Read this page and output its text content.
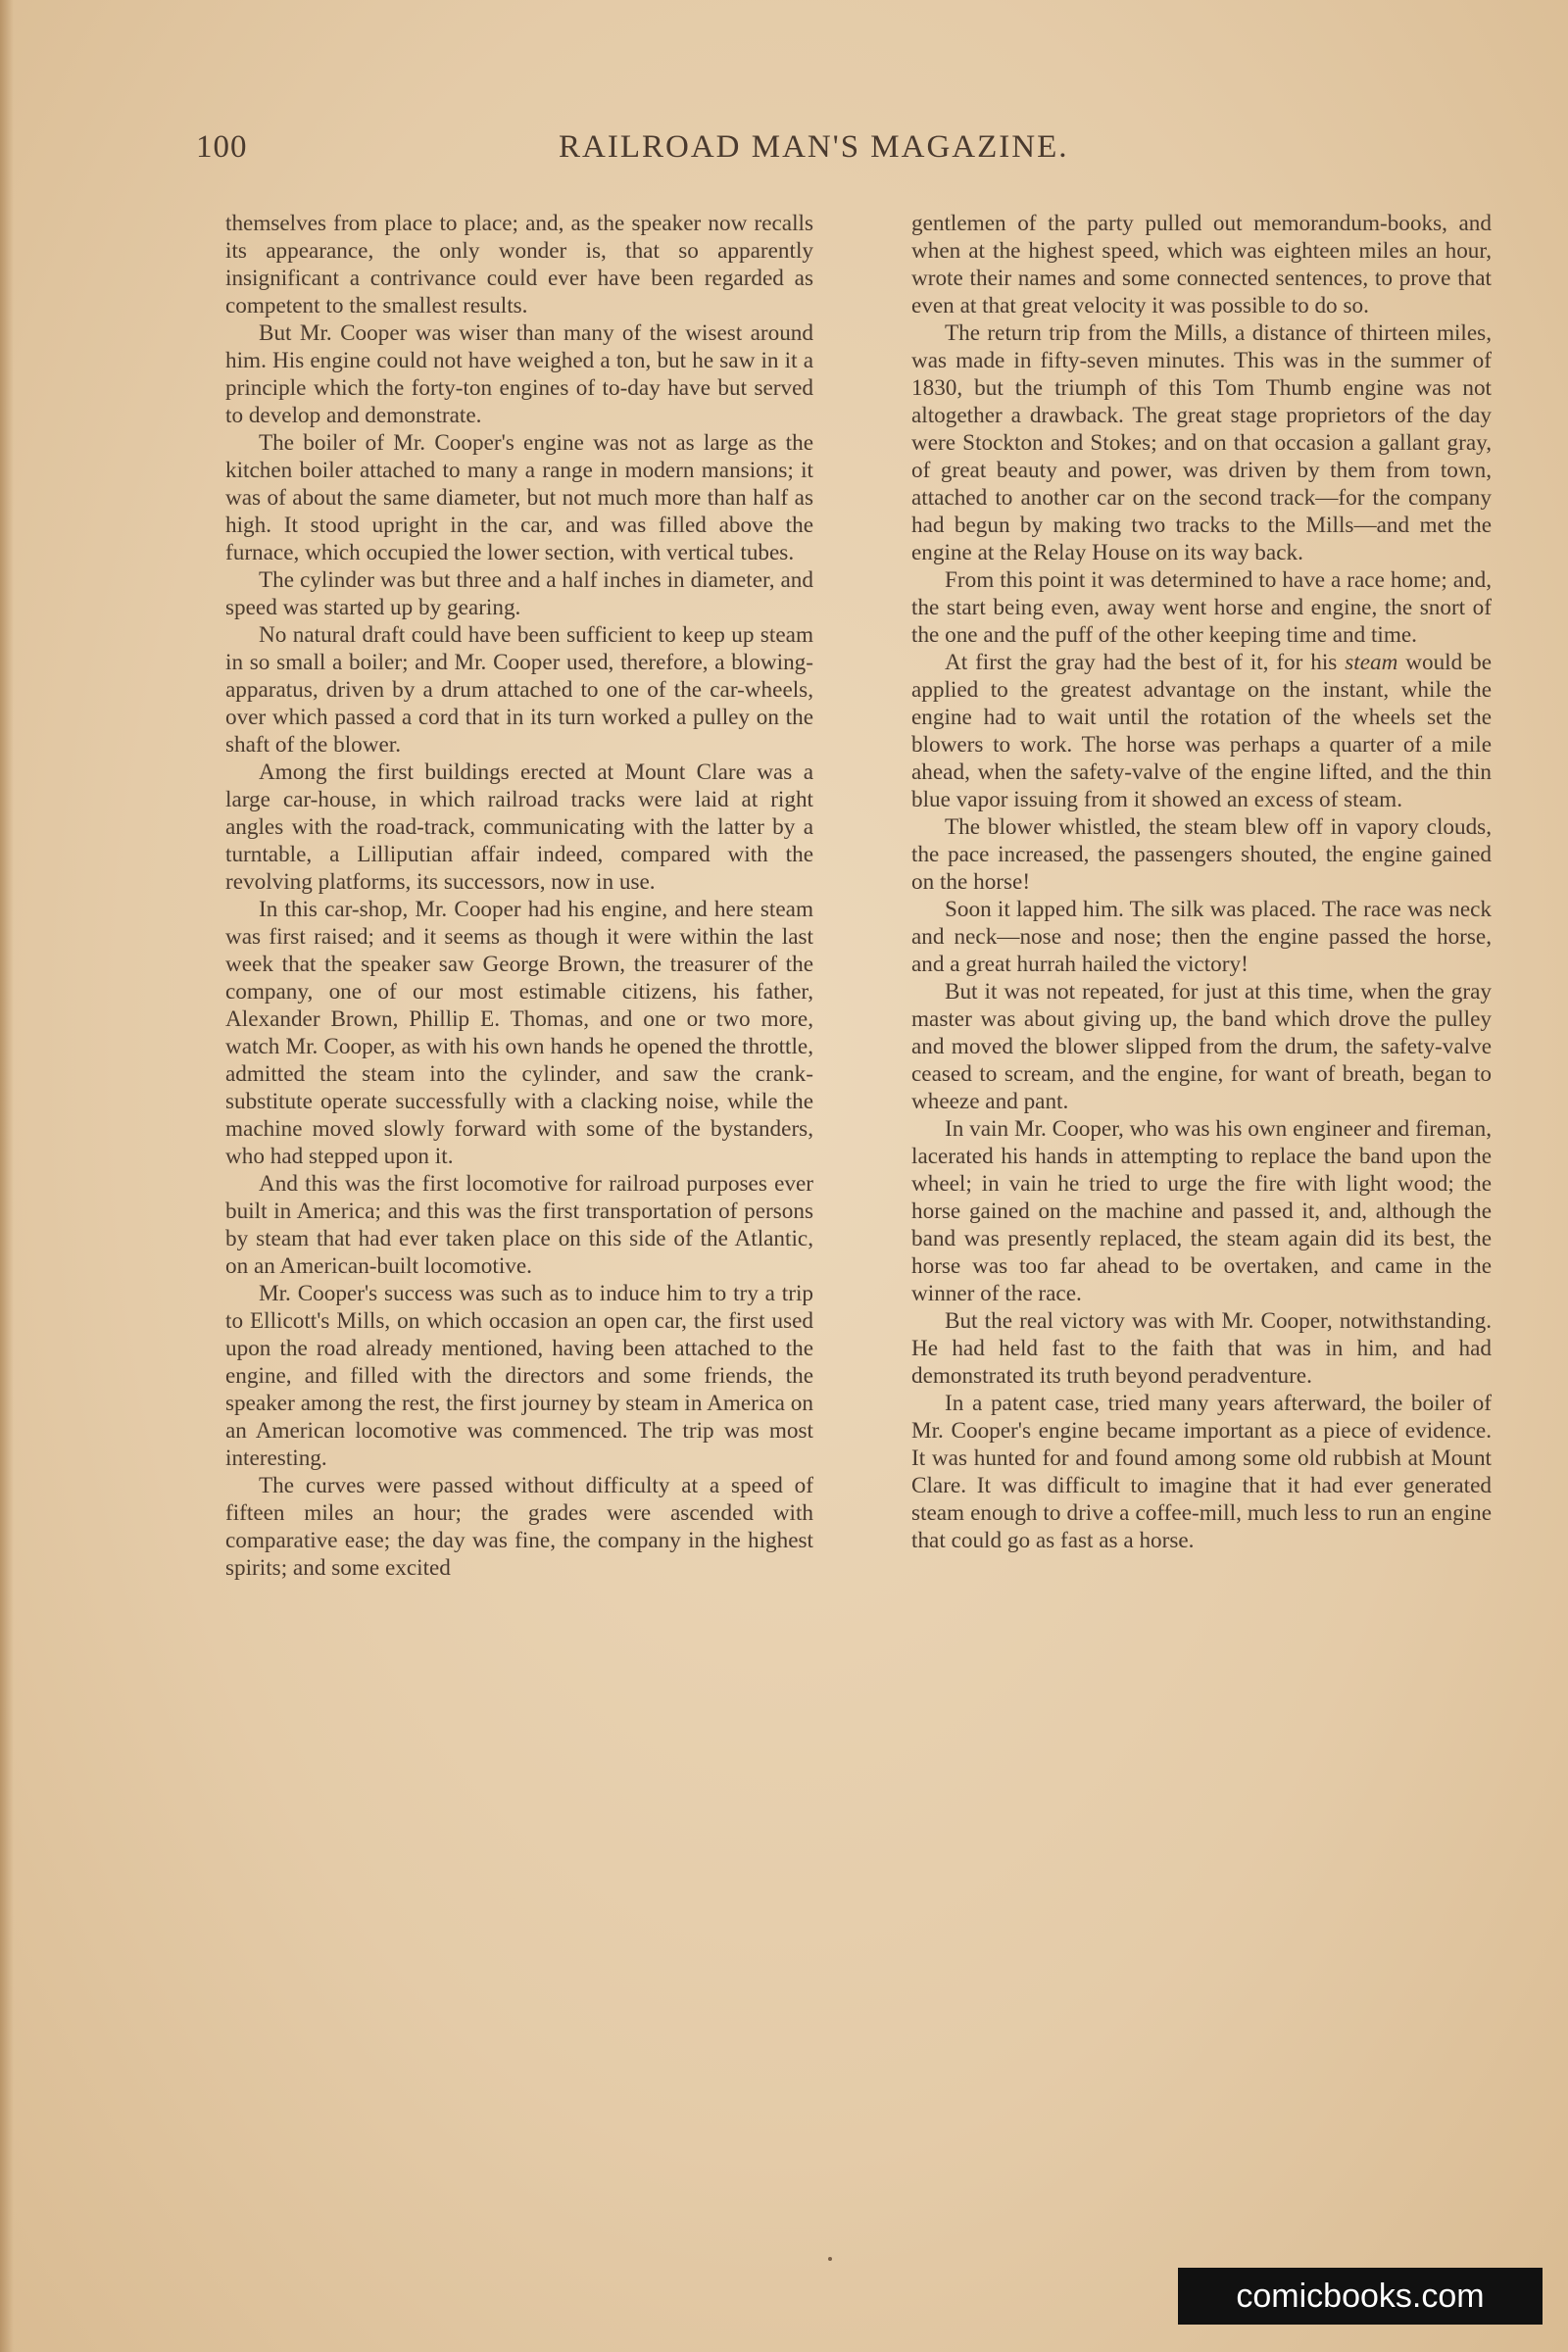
100	RAILROAD MAN'S MAGAZINE.

themselves from place to place; and, as the speaker now recalls its appearance, the only wonder is, that so apparently insignificant a contrivance could ever have been regarded as competent to the smallest results.

But Mr. Cooper was wiser than many of the wisest around him. His engine could not have weighed a ton, but he saw in it a principle which the forty-ton engines of to-day have but served to develop and demonstrate.

The boiler of Mr. Cooper's engine was not as large as the kitchen boiler attached to many a range in modern mansions; it was of about the same diameter, but not much more than half as high. It stood upright in the car, and was filled above the furnace, which occupied the lower section, with vertical tubes.

The cylinder was but three and a half inches in diameter, and speed was started up by gearing.

No natural draft could have been sufficient to keep up steam in so small a boiler; and Mr. Cooper used, therefore, a blowing-apparatus, driven by a drum attached to one of the car-wheels, over which passed a cord that in its turn worked a pulley on the shaft of the blower.

Among the first buildings erected at Mount Clare was a large car-house, in which railroad tracks were laid at right angles with the road-track, communicating with the latter by a turntable, a Lilliputian affair indeed, compared with the revolving platforms, its successors, now in use.

In this car-shop, Mr. Cooper had his engine, and here steam was first raised; and it seems as though it were within the last week that the speaker saw George Brown, the treasurer of the company, one of our most estimable citizens, his father, Alexander Brown, Phillip E. Thomas, and one or two more, watch Mr. Cooper, as with his own hands he opened the throttle, admitted the steam into the cylinder, and saw the crank-substitute operate successfully with a clacking noise, while the machine moved slowly forward with some of the bystanders, who had stepped upon it.

And this was the first locomotive for railroad purposes ever built in America; and this was the first transportation of persons by steam that had ever taken place on this side of the Atlantic, on an American-built locomotive.

Mr. Cooper's success was such as to induce him to try a trip to Ellicott's Mills, on which occasion an open car, the first used upon the road already mentioned, having been attached to the engine, and filled with the directors and some friends, the speaker among the rest, the first journey by steam in America on an American locomotive was commenced. The trip was most interesting.

The curves were passed without difficulty at a speed of fifteen miles an hour; the grades were ascended with comparative ease; the day was fine, the company in the highest spirits; and some excited

gentlemen of the party pulled out memorandum-books, and when at the highest speed, which was eighteen miles an hour, wrote their names and some connected sentences, to prove that even at that great velocity it was possible to do so.

The return trip from the Mills, a distance of thirteen miles, was made in fifty-seven minutes. This was in the summer of 1830, but the triumph of this Tom Thumb engine was not altogether a drawback. The great stage proprietors of the day were Stockton and Stokes; and on that occasion a gallant gray, of great beauty and power, was driven by them from town, attached to another car on the second track—for the company had begun by making two tracks to the Mills—and met the engine at the Relay House on its way back.

From this point it was determined to have a race home; and, the start being even, away went horse and engine, the snort of the one and the puff of the other keeping time and time.

At first the gray had the best of it, for his steam would be applied to the greatest advantage on the instant, while the engine had to wait until the rotation of the wheels set the blowers to work. The horse was perhaps a quarter of a mile ahead, when the safety-valve of the engine lifted, and the thin blue vapor issuing from it showed an excess of steam.

The blower whistled, the steam blew off in vapory clouds, the pace increased, the passengers shouted, the engine gained on the horse!

Soon it lapped him. The silk was placed. The race was neck and neck—nose and nose; then the engine passed the horse, and a great hurrah hailed the victory!

But it was not repeated, for just at this time, when the gray master was about giving up, the band which drove the pulley and moved the blower slipped from the drum, the safety-valve ceased to scream, and the engine, for want of breath, began to wheeze and pant.

In vain Mr. Cooper, who was his own engineer and fireman, lacerated his hands in attempting to replace the band upon the wheel; in vain he tried to urge the fire with light wood; the horse gained on the machine and passed it, and, although the band was presently replaced, the steam again did its best, the horse was too far ahead to be overtaken, and came in the winner of the race.

But the real victory was with Mr. Cooper, notwithstanding. He had held fast to the faith that was in him, and had demonstrated its truth beyond peradventure.

In a patent case, tried many years afterward, the boiler of Mr. Cooper's engine became important as a piece of evidence. It was hunted for and found among some old rubbish at Mount Clare. It was difficult to imagine that it had ever generated steam enough to drive a coffee-mill, much less to run an engine that could go as fast as a horse.

comicbooks.com
